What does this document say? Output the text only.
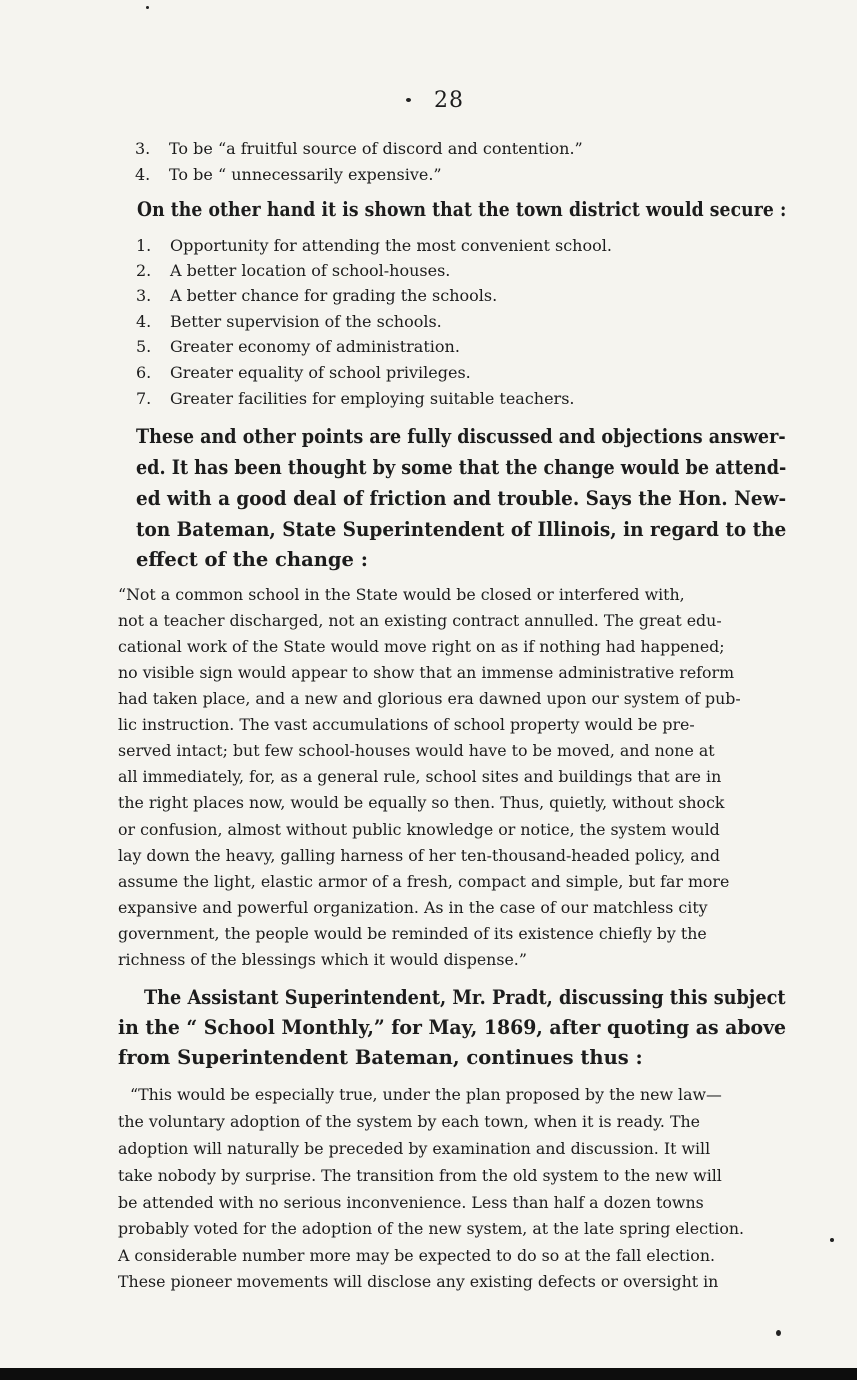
28
3. To be “a fruitful source of discord and contention.”
4. To be “ unnecessarily expensive.”
On the other hand it is shown that the town district would secure :
1. Opportunity for attending the most convenient school.
2. A better location of school-houses.
3. A better chance for grading the schools.
4. Better supervision of the schools.
5. Greater economy of administration.
6. Greater equality of school privileges.
7. Greater facilities for employing suitable teachers.
These and other points are fully discussed and objections answer-
ed. It has been thought by some that the change would be attend-
ed with a good deal of friction and trouble. Says the Hon. New-
ton Bateman, State Superintendent of Illinois, in regard to the
effect of the change :
“Not a common school in the State would be closed or interfered with,
not a teacher discharged, not an existing contract annulled. The great edu-
cational work of the State would move right on as if nothing had happened;
no visible sign would appear to show that an immense administrative reform
had taken place, and a new and glorious era dawned upon our system of pub-
lic instruction. The vast accumulations of school property would be pre-
served intact; but few school-houses would have to be moved, and none at
all immediately, for, as a general rule, school sites and buildings that are in
the right places now, would be equally so then. Thus, quietly, without shock
or confusion, almost without public knowledge or notice, the system would
lay down the heavy, galling harness of her ten-thousand-headed policy, and
assume the light, elastic armor of a fresh, compact and simple, but far more
expansive and powerful organization. As in the case of our matchless city
government, the people would be reminded of its existence chiefly by the
richness of the blessings which it would dispense.”
The Assistant Superintendent, Mr. Pradt, discussing this subject
in the “ School Monthly,” for May, 1869, after quoting as above
from Superintendent Bateman, continues thus :
“This would be especially true, under the plan proposed by the new law—
the voluntary adoption of the system by each town, when it is ready. The
adoption will naturally be preceded by examination and discussion. It will
take nobody by surprise. The transition from the old system to the new will
be attended with no serious inconvenience. Less than half a dozen towns
probably voted for the adoption of the new system, at the late spring election.
A considerable number more may be expected to do so at the fall election.
These pioneer movements will disclose any existing defects or oversight in
